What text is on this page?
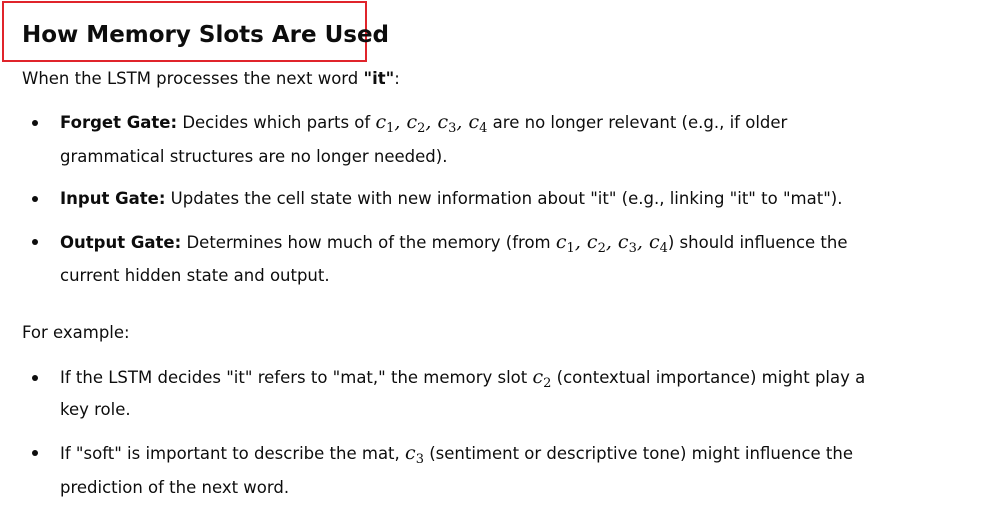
How Memory Slots Are Used

When the LSTM processes the next word "it":

Forget Gate: Decides which parts of $c_1$, $c_2$, $c_3$, $c_4$ are no longer relevant (e.g., if older
grammatical structures are no longer needed).
Input Gate: Updates the cell state with new information about "it" (e.g., linking "it" to "mat").
Output Gate: Determines how much of the memory (from $c_1$, $c_2$, $c_3$, $c_4$) should influence the
current hidden state and output.

For example:

If the LSTM decides "it" refers to "mat," the memory slot $c_2$ (contextual importance) might play a
key role.
If "soft" is important to describe the mat, $c_3$ (sentiment or descriptive tone) might influence the
prediction of the next word.
